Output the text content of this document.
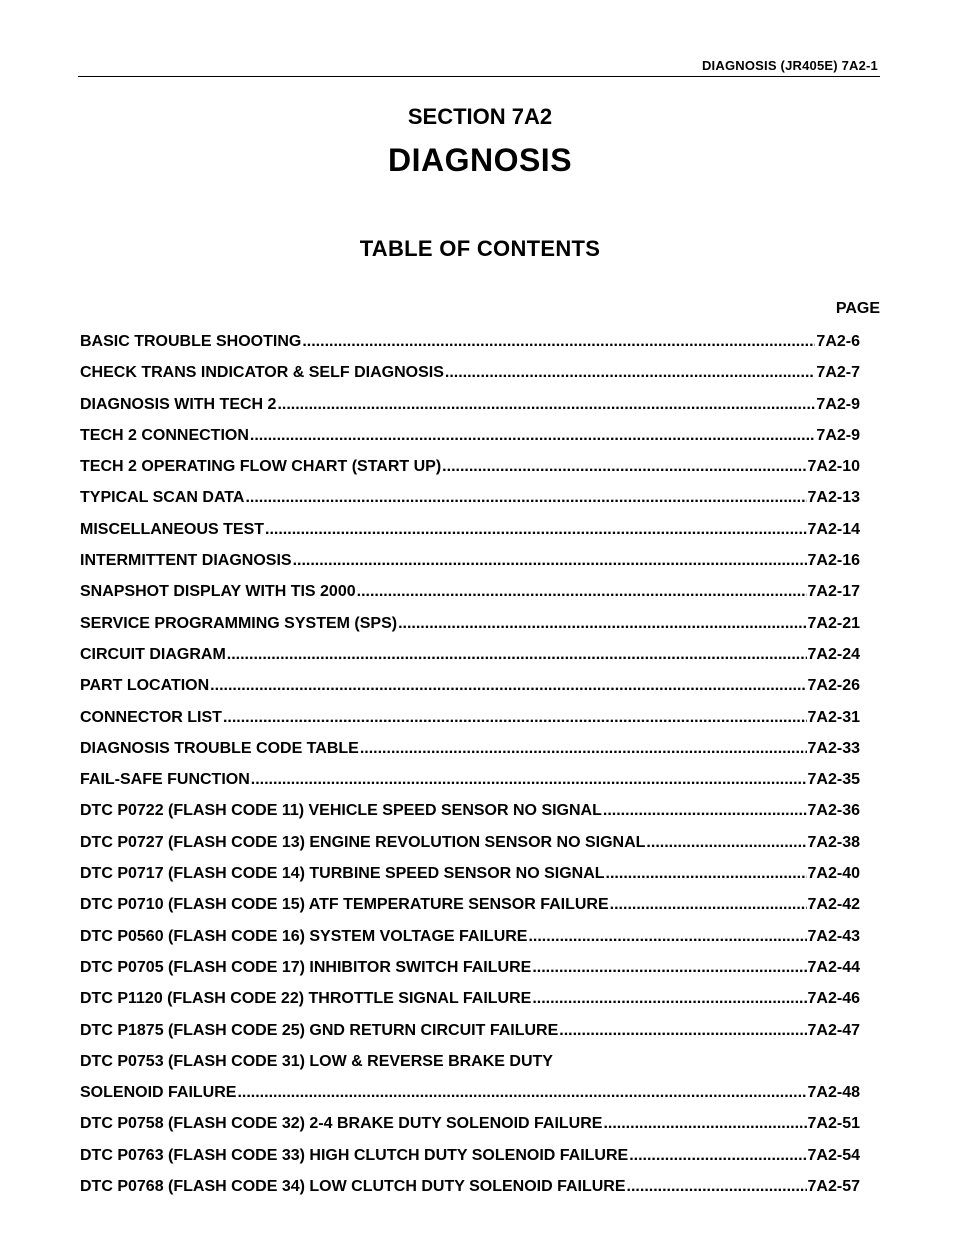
DIAGNOSIS (JR405E) 7A2-1
SECTION 7A2
DIAGNOSIS
TABLE OF CONTENTS
PAGE
BASIC TROUBLE SHOOTING .....	7A2-6
CHECK TRANS INDICATOR & SELF DIAGNOSIS .....	7A2-7
DIAGNOSIS WITH TECH 2 .....	7A2-9
TECH 2 CONNECTION .....	7A2-9
TECH 2 OPERATING FLOW CHART (START UP) .....	7A2-10
TYPICAL SCAN DATA .....	7A2-13
MISCELLANEOUS TEST .....	7A2-14
INTERMITTENT DIAGNOSIS .....	7A2-16
SNAPSHOT DISPLAY WITH TIS 2000 .....	7A2-17
SERVICE PROGRAMMING SYSTEM (SPS) .....	7A2-21
CIRCUIT DIAGRAM .....	7A2-24
PART LOCATION .....	7A2-26
CONNECTOR LIST .....	7A2-31
DIAGNOSIS TROUBLE CODE TABLE .....	7A2-33
FAIL-SAFE FUNCTION .....	7A2-35
DTC P0722 (FLASH CODE 11) VEHICLE SPEED SENSOR NO SIGNAL .....	7A2-36
DTC P0727 (FLASH CODE 13) ENGINE REVOLUTION SENSOR NO SIGNAL .....	7A2-38
DTC P0717 (FLASH CODE 14) TURBINE SPEED SENSOR NO SIGNAL .....	7A2-40
DTC P0710 (FLASH CODE 15) ATF TEMPERATURE SENSOR FAILURE .....	7A2-42
DTC P0560 (FLASH CODE 16) SYSTEM VOLTAGE FAILURE .....	7A2-43
DTC P0705 (FLASH CODE 17) INHIBITOR SWITCH FAILURE .....	7A2-44
DTC P1120 (FLASH CODE 22) THROTTLE SIGNAL FAILURE .....	7A2-46
DTC P1875 (FLASH CODE 25) GND RETURN CIRCUIT FAILURE .....	7A2-47
DTC P0753 (FLASH CODE 31) LOW & REVERSE BRAKE DUTY
SOLENOID FAILURE .....	7A2-48
DTC P0758 (FLASH CODE 32) 2-4 BRAKE DUTY SOLENOID FAILURE .....	7A2-51
DTC P0763 (FLASH CODE 33) HIGH CLUTCH DUTY SOLENOID FAILURE .....	7A2-54
DTC P0768 (FLASH CODE 34) LOW CLUTCH DUTY SOLENOID FAILURE .....	7A2-57
